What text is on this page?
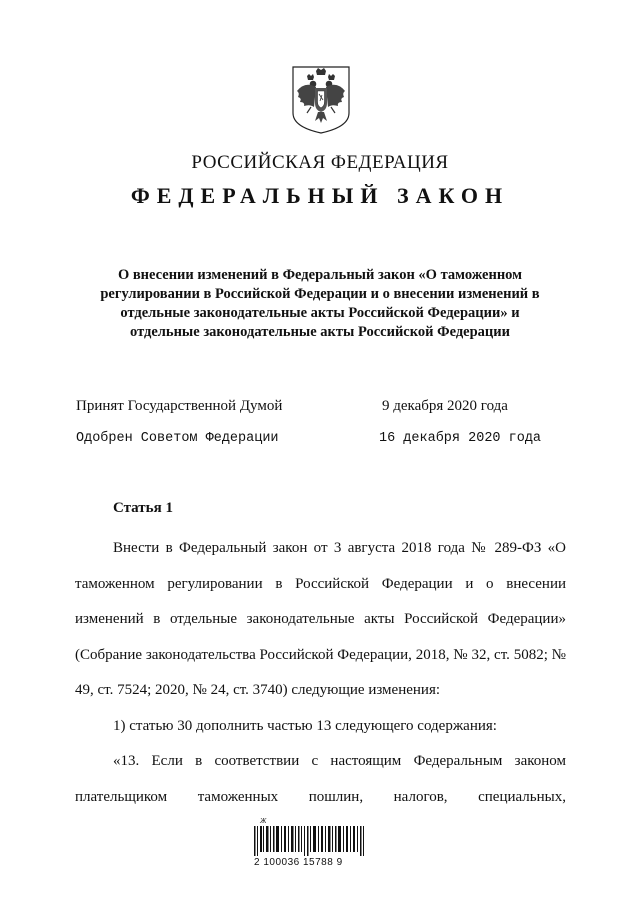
РОССИЙСКАЯ ФЕДЕРАЦИЯ
ФЕДЕРАЛЬНЫЙ ЗАКОН
О внесении изменений в Федеральный закон «О таможенном
регулировании в Российской Федерации и о внесении изменений в
отдельные законодательные акты Российской Федерации» и
отдельные законодательные акты Российской Федерации
Принят Государственной Думой	9 декабря 2020 года
Одобрен Советом Федерации	16 декабря 2020 года
Статья 1

Внести в Федеральный закон от 3 августа 2018 года № 289-ФЗ «О таможенном регулировании в Российской Федерации и о внесении изменений в отдельные законодательные акты Российской Федерации» (Собрание законодательства Российской Федерации, 2018, № 32, ст. 5082; № 49, ст. 7524; 2020, № 24, ст. 3740) следующие изменения:

1) статью 30 дополнить частью 13 следующего содержания:

«13. Если в соответствии с настоящим Федеральным законом плательщиком таможенных пошлин, налогов, специальных,

Ж
2 100036 15788 9
